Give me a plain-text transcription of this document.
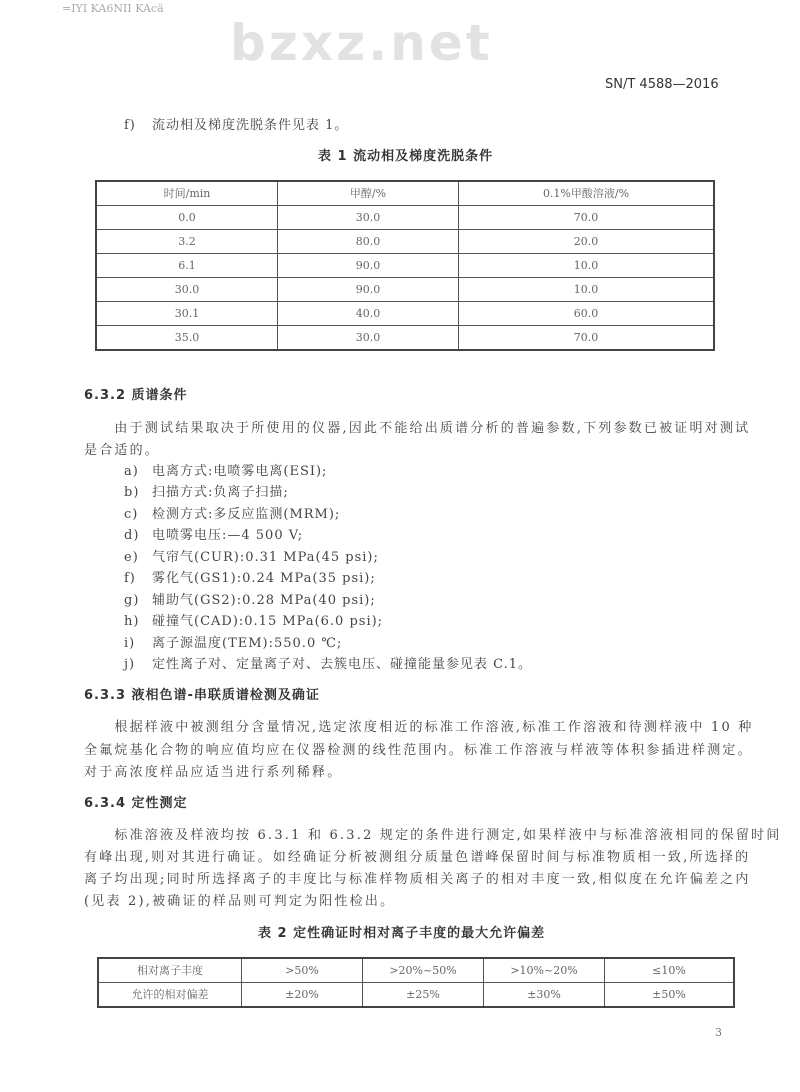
=IYI KA6NII KAcä
bzxz.net
SN/T 4588—2016
f) 流动相及梯度洗脱条件见表 1。
表 1 流动相及梯度洗脱条件
时间/min	甲醇/%	0.1%甲酸溶液/%
0.0	30.0	70.0
3.2	80.0	20.0
6.1	90.0	10.0
30.0	90.0	10.0
30.1	40.0	60.0
35.0	30.0	70.0
6.3.2 质谱条件
　　由于测试结果取决于所使用的仪器,因此不能给出质谱分析的普遍参数,下列参数已被证明对测试
是合适的。
a) 电离方式:电喷雾电离(ESI);
b) 扫描方式:负离子扫描;
c) 检测方式:多反应监测(MRM);
d) 电喷雾电压:—4 500 V;
e) 气帘气(CUR):0.31 MPa(45 psi);
f) 雾化气(GS1):0.24 MPa(35 psi);
g) 辅助气(GS2):0.28 MPa(40 psi);
h) 碰撞气(CAD):0.15 MPa(6.0 psi);
i) 离子源温度(TEM):550.0 ℃;
j) 定性离子对、定量离子对、去簇电压、碰撞能量参见表 C.1。
6.3.3 液相色谱-串联质谱检测及确证
　　根据样液中被测组分含量情况,选定浓度相近的标准工作溶液,标准工作溶液和待测样液中 10 种
全氟烷基化合物的响应值均应在仪器检测的线性范围内。标准工作溶液与样液等体积参插进样测定。
对于高浓度样品应适当进行系列稀释。
6.3.4 定性测定
　　标准溶液及样液均按 6.3.1 和 6.3.2 规定的条件进行测定,如果样液中与标准溶液相同的保留时间
有峰出现,则对其进行确证。如经确证分析被测组分质量色谱峰保留时间与标准物质相一致,所选择的
离子均出现;同时所选择离子的丰度比与标准样物质相关离子的相对丰度一致,相似度在允许偏差之内
(见表 2),被确证的样品则可判定为阳性检出。
表 2 定性确证时相对离子丰度的最大允许偏差
相对离子丰度	>50%	>20%~50%	>10%~20%	≤10%
允许的相对偏差	±20%	±25%	±30%	±50%
3
